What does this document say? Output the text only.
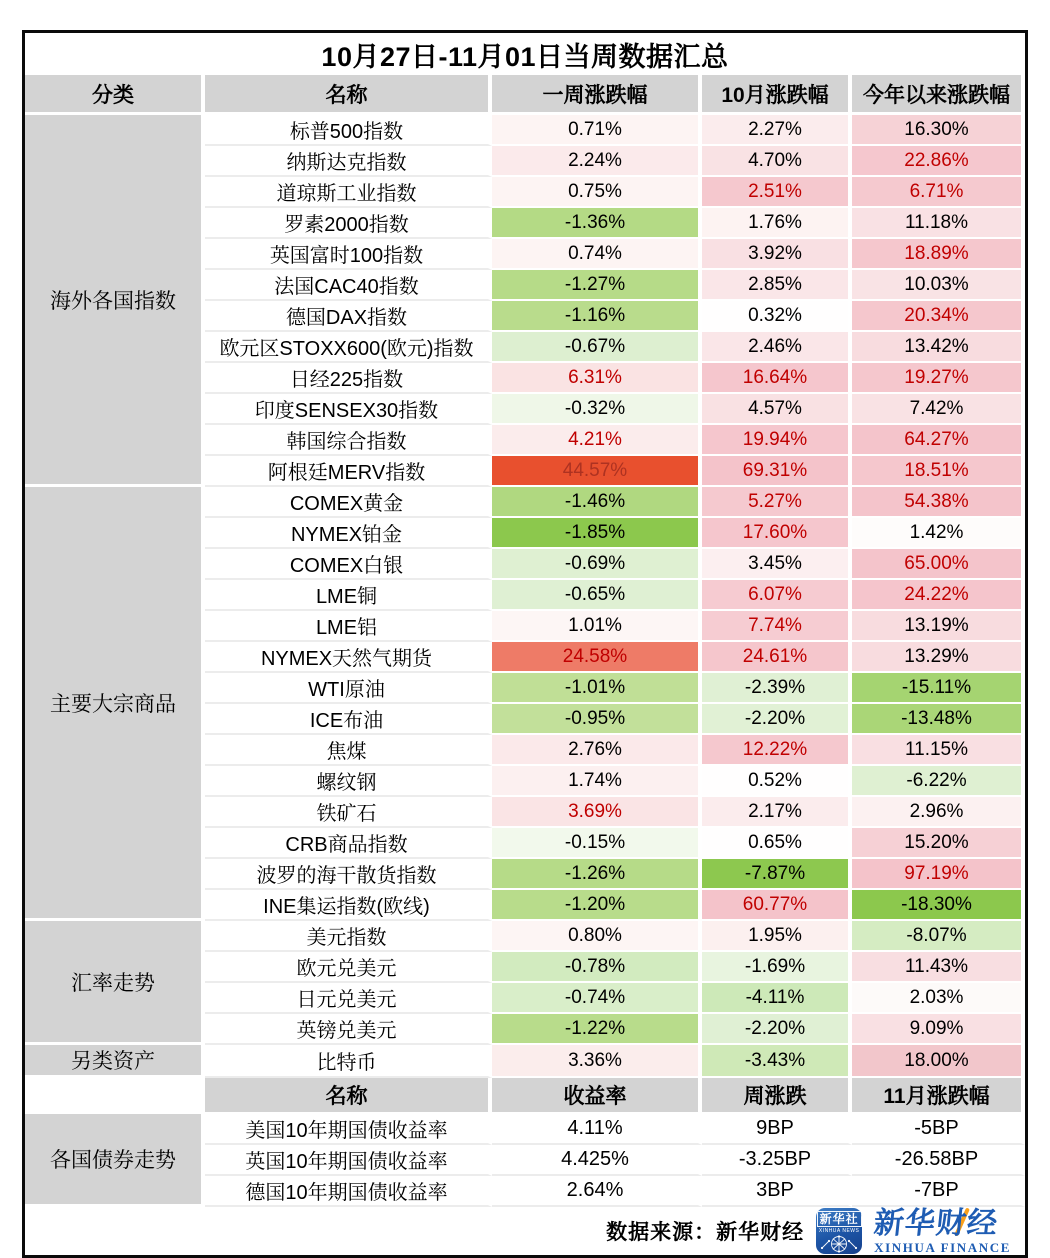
10月27日-11月01日当周数据汇总
分类	名称	一周涨跌幅	10月涨跌幅	今年以来涨跌幅
海外各国指数	标普500指数	0.71%	2.27%	16.30%
	纳斯达克指数	2.24%	4.70%	22.86%
	道琼斯工业指数	0.75%	2.51%	6.71%
	罗素2000指数	-1.36%	1.76%	11.18%
	英国富时100指数	0.74%	3.92%	18.89%
	法国CAC40指数	-1.27%	2.85%	10.03%
	德国DAX指数	-1.16%	0.32%	20.34%
	欧元区STOXX600(欧元)指数	-0.67%	2.46%	13.42%
	日经225指数	6.31%	16.64%	19.27%
	印度SENSEX30指数	-0.32%	4.57%	7.42%
	韩国综合指数	4.21%	19.94%	64.27%
	阿根廷MERV指数	44.57%	69.31%	18.51%
主要大宗商品	COMEX黄金	-1.46%	5.27%	54.38%
	NYMEX铂金	-1.85%	17.60%	1.42%
	COMEX白银	-0.69%	3.45%	65.00%
	LME铜	-0.65%	6.07%	24.22%
	LME铝	1.01%	7.74%	13.19%
	NYMEX天然气期货	24.58%	24.61%	13.29%
	WTI原油	-1.01%	-2.39%	-15.11%
	ICE布油	-0.95%	-2.20%	-13.48%
	焦煤	2.76%	12.22%	11.15%
	螺纹钢	1.74%	0.52%	-6.22%
	铁矿石	3.69%	2.17%	2.96%
	CRB商品指数	-0.15%	0.65%	15.20%
	波罗的海干散货指数	-1.26%	-7.87%	97.19%
	INE集运指数(欧线)	-1.20%	60.77%	-18.30%
汇率走势	美元指数	0.80%	1.95%	-8.07%
	欧元兑美元	-0.78%	-1.69%	11.43%
	日元兑美元	-0.74%	-4.11%	2.03%
	英镑兑美元	-1.22%	-2.20%	9.09%
另类资产	比特币	3.36%	-3.43%	18.00%
	名称	收益率	周涨跌	11月涨跌幅
各国债券走势	美国10年期国债收益率	4.11%	9BP	-5BP
	英国10年期国债收益率	4.425%	-3.25BP	-26.58BP
	德国10年期国债收益率	2.64%	3BP	-7BP
数据来源：新华财经
新华社
XINHUA NEWS 新华财经
XINHUA FINANCE
